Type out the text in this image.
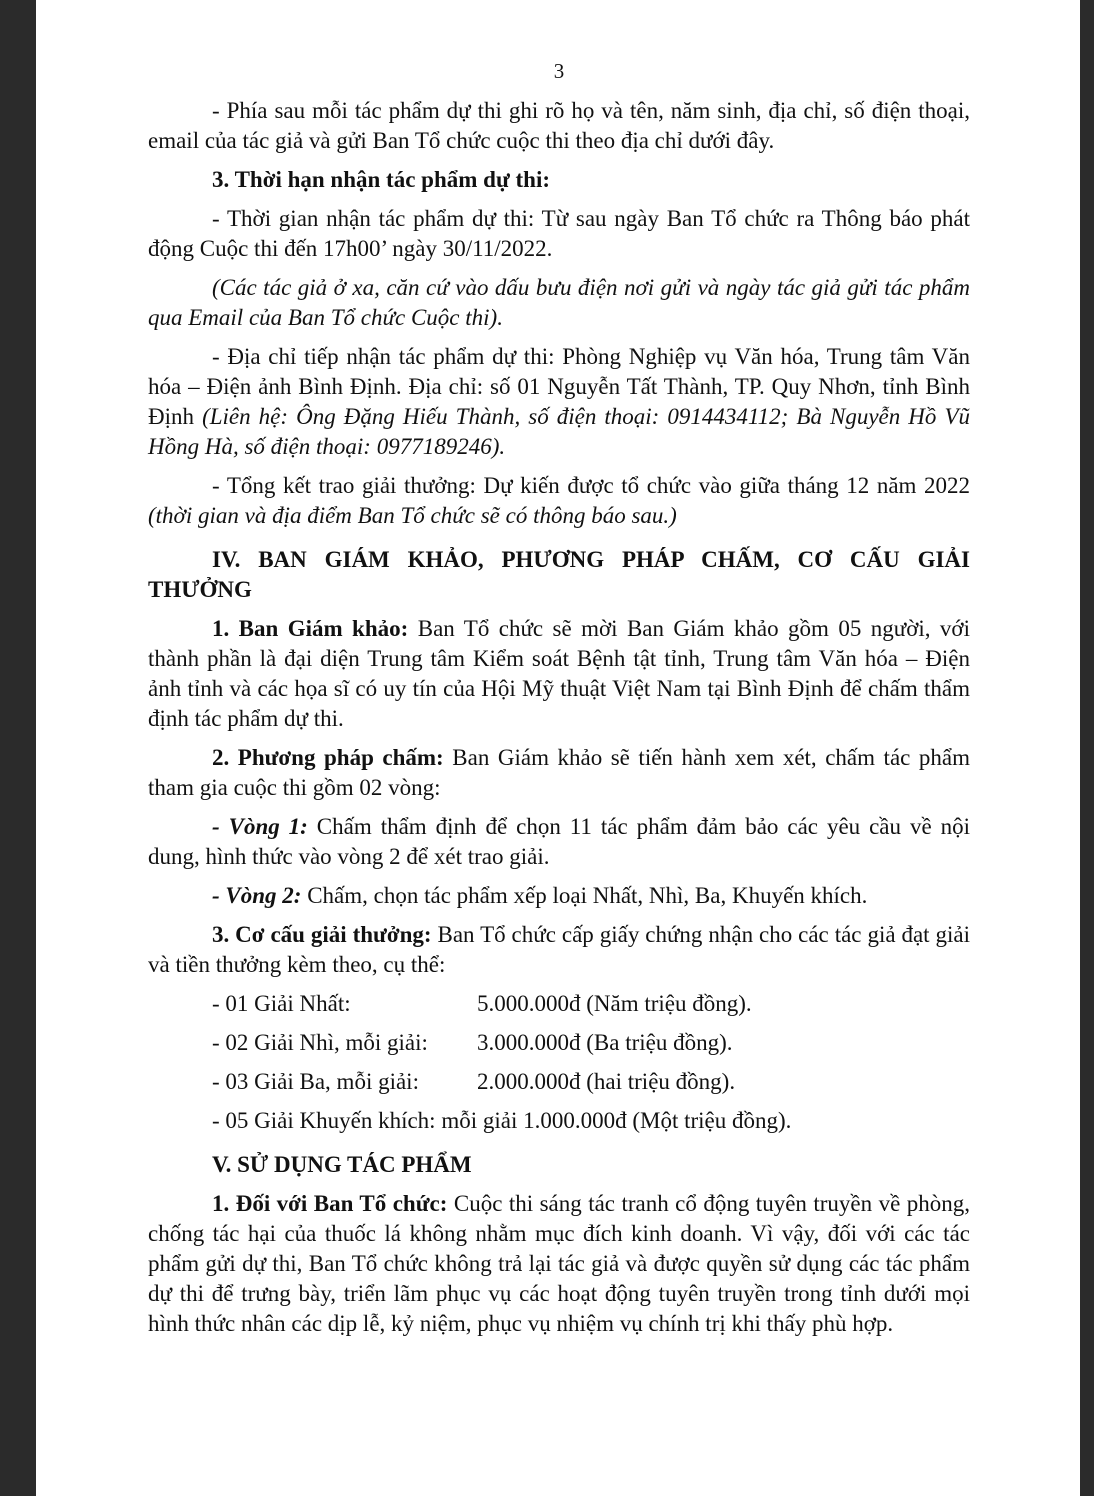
3

- Phía sau mỗi tác phẩm dự thi ghi rõ họ và tên, năm sinh, địa chỉ, số điện thoại, email của tác giả và gửi Ban Tổ chức cuộc thi theo địa chỉ dưới đây.

3. Thời hạn nhận tác phẩm dự thi:

- Thời gian nhận tác phẩm dự thi: Từ sau ngày Ban Tổ chức ra Thông báo phát động Cuộc thi đến 17h00’ ngày 30/11/2022.

(Các tác giả ở xa, căn cứ vào dấu bưu điện nơi gửi và ngày tác giả gửi tác phẩm qua Email của Ban Tổ chức Cuộc thi).

- Địa chỉ tiếp nhận tác phẩm dự thi: Phòng Nghiệp vụ Văn hóa, Trung tâm Văn hóa – Điện ảnh Bình Định. Địa chỉ: số 01 Nguyễn Tất Thành, TP. Quy Nhơn, tỉnh Bình Định (Liên hệ: Ông Đặng Hiếu Thành, số điện thoại: 0914434112; Bà Nguyễn Hồ Vũ Hồng Hà, số điện thoại: 0977189246).

- Tổng kết trao giải thưởng: Dự kiến được tổ chức vào giữa tháng 12 năm 2022 (thời gian và địa điểm Ban Tổ chức sẽ có thông báo sau.)

IV. BAN GIÁM KHẢO, PHƯƠNG PHÁP CHẤM, CƠ CẤU GIẢI THƯỞNG

1. Ban Giám khảo: Ban Tổ chức sẽ mời Ban Giám khảo gồm 05 người, với thành phần là đại diện Trung tâm Kiểm soát Bệnh tật tỉnh, Trung tâm Văn hóa – Điện ảnh tỉnh và các họa sĩ có uy tín của Hội Mỹ thuật Việt Nam tại Bình Định để chấm thẩm định tác phẩm dự thi.

2. Phương pháp chấm: Ban Giám khảo sẽ tiến hành xem xét, chấm tác phẩm tham gia cuộc thi gồm 02 vòng:

- Vòng 1: Chấm thẩm định để chọn 11 tác phẩm đảm bảo các yêu cầu về nội dung, hình thức vào vòng 2 để xét trao giải.

- Vòng 2: Chấm, chọn tác phẩm xếp loại Nhất, Nhì, Ba, Khuyến khích.

3. Cơ cấu giải thưởng: Ban Tổ chức cấp giấy chứng nhận cho các tác giả đạt giải và tiền thưởng kèm theo, cụ thể:

- 01 Giải Nhất:	5.000.000đ (Năm triệu đồng).
- 02 Giải Nhì, mỗi giải:	3.000.000đ (Ba triệu đồng).
- 03 Giải Ba, mỗi giải:	2.000.000đ (hai triệu đồng).
- 05 Giải Khuyến khích: mỗi giải 1.000.000đ (Một triệu đồng).

V. SỬ DỤNG TÁC PHẨM

1. Đối với Ban Tổ chức: Cuộc thi sáng tác tranh cổ động tuyên truyền về phòng, chống tác hại của thuốc lá không nhằm mục đích kinh doanh. Vì vậy, đối với các tác phẩm gửi dự thi, Ban Tổ chức không trả lại tác giả và được quyền sử dụng các tác phẩm dự thi để trưng bày, triển lãm phục vụ các hoạt động tuyên truyền trong tỉnh dưới mọi hình thức nhân các dịp lễ, kỷ niệm, phục vụ nhiệm vụ chính trị khi thấy phù hợp.
